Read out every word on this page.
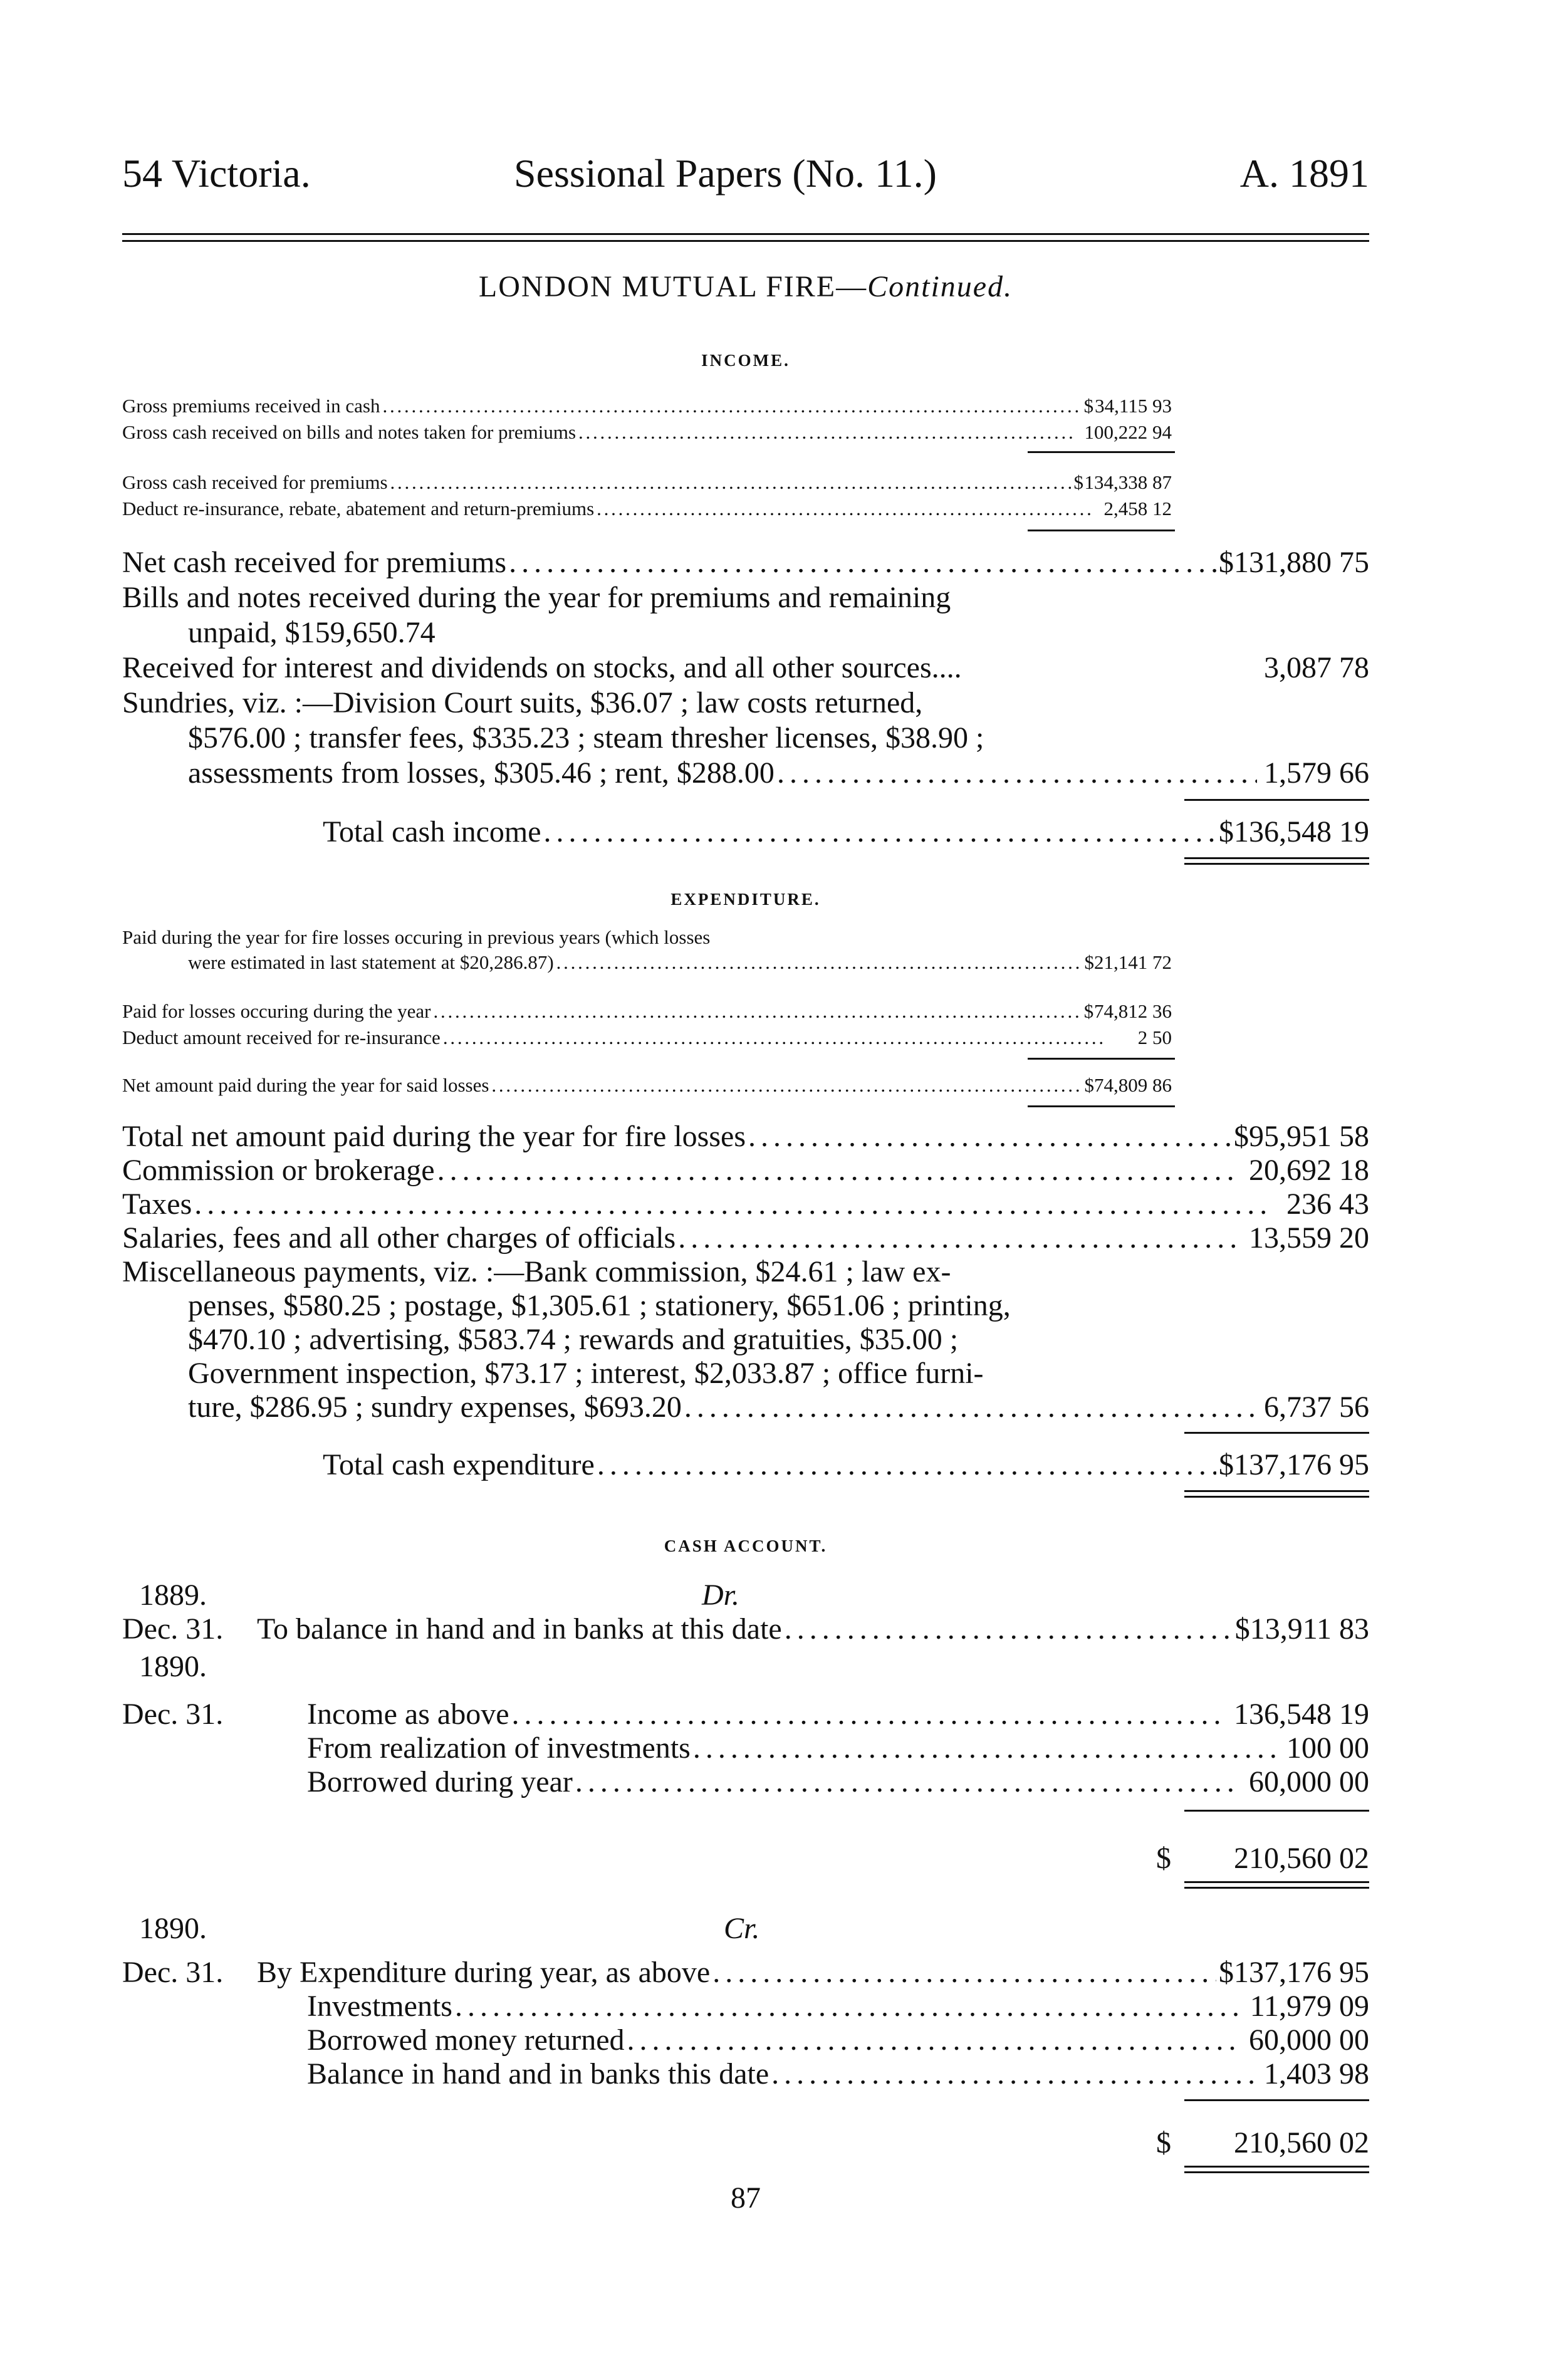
54 Victoria.	Sessional Papers (No. 11.)	A. 1891
LONDON MUTUAL FIRE—Continued.
INCOME.
Gross premiums received in cash . . .	$ 34,115 93
Gross cash received on bills and notes taken for premiums . . .	100,222 94
Gross cash received for premiums . . .	$ 134,338 87
Deduct re-insurance, rebate, abatement and return-premiums . . .	2,458 12
Net cash received for premiums . . .	$ 131,880 75
Bills and notes received during the year for premiums and remaining
unpaid, $159,650.74
Received for interest and dividends on stocks, and all other sources....	3,087 78
Sundries, viz. :—Division Court suits, $36.07 ; law costs returned,
$576.00 ; transfer fees, $335.23 ; steam thresher licenses, $38.90 ;
assessments from losses, $305.46 ; rent, $288.00 . . .	1,579 66
Total cash income . . .	$ 136,548 19
EXPENDITURE.
Paid during the year for fire losses occuring in previous years (which losses
were estimated in last statement at $20,286.87) . . .	$ 21,141 72
Paid for losses occuring during the year . . .	$ 74,812 36
Deduct amount received for re-insurance . . .	2 50
Net amount paid during the year for said losses . . .	$ 74,809 86
Total net amount paid during the year for fire losses . . .	$ 95,951 58
Commission or brokerage . . .	20,692 18
Taxes . . .	236 43
Salaries, fees and all other charges of officials . . .	13,559 20
Miscellaneous payments, viz. :—Bank commission, $24.61 ; law ex-
penses, $580.25 ; postage, $1,305.61 ; stationery, $651.06 ; printing,
$470.10 ; advertising, $583.74 ; rewards and gratuities, $35.00 ;
Government inspection, $73.17 ; interest, $2,033.87 ; office furni-
ture, $286.95 ; sundry expenses, $693.20 . . .	6,737 56
Total cash expenditure . . .	$ 137,176 95
CASH ACCOUNT.
1889.	Dr.
Dec. 31. To balance in hand and in banks at this date . . .	$ 13,911 83
1890.
Dec. 31.	Income as above . . .	136,548 19
From realization of investments . . .	100 00
Borrowed during year . . .	60,000 00
$	210,560 02
1890.	Cr.
Dec. 31. By Expenditure during year, as above . . .	$ 137,176 95
Investments . . .	11,979 09
Borrowed money returned . . .	60,000 00
Balance in hand and in banks this date . . .	1,403 98
$	210,560 02
87
